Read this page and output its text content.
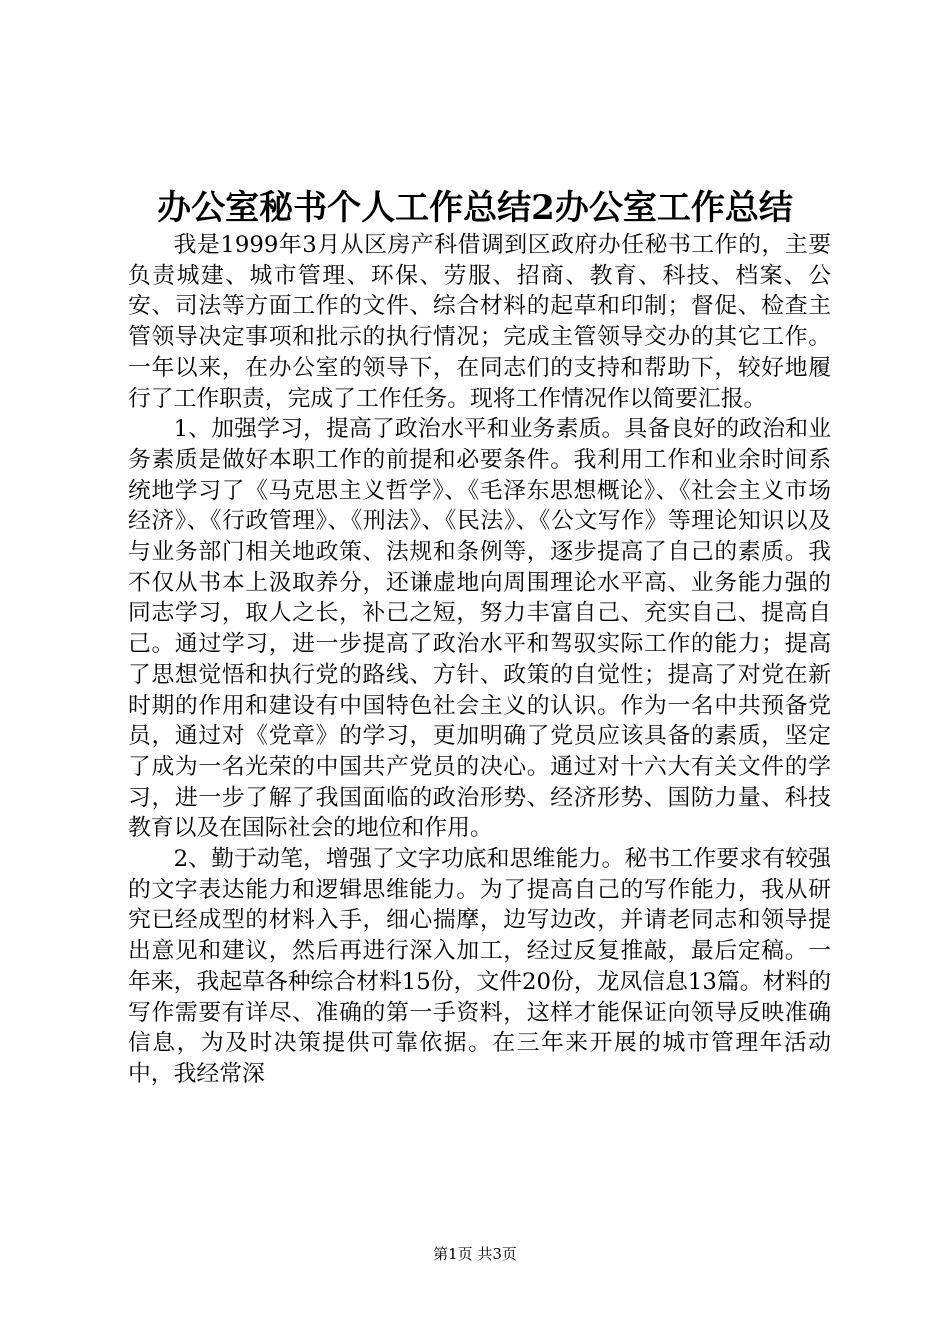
办公室秘书个人工作总结2办公室工作总结

我是1999年3月从区房产科借调到区政府办任秘书工作的，主要负责城建、城市管理、环保、劳服、招商、教育、科技、档案、公安、司法等方面工作的文件、综合材料的起草和印制；督促、检查主管领导决定事项和批示的执行情况；完成主管领导交办的其它工作。一年以来，在办公室的领导下，在同志们的支持和帮助下，较好地履行了工作职责，完成了工作任务。现将工作情况作以简要汇报。

1、加强学习，提高了政治水平和业务素质。具备良好的政治和业务素质是做好本职工作的前提和必要条件。我利用工作和业余时间系统地学习了《马克思主义哲学》、《毛泽东思想概论》、《社会主义市场经济》、《行政管理》、《刑法》、《民法》、《公文写作》等理论知识以及与业务部门相关地政策、法规和条例等，逐步提高了自己的素质。我不仅从书本上汲取养分，还谦虚地向周围理论水平高、业务能力强的同志学习，取人之长，补己之短，努力丰富自己、充实自己、提高自己。通过学习，进一步提高了政治水平和驾驭实际工作的能力；提高了思想觉悟和执行党的路线、方针、政策的自觉性；提高了对党在新时期的作用和建设有中国特色社会主义的认识。作为一名中共预备党员，通过对《党章》的学习，更加明确了党员应该具备的素质，坚定了成为一名光荣的中国共产党员的决心。通过对十六大有关文件的学习，进一步了解了我国面临的政治形势、经济形势、国防力量、科技教育以及在国际社会的地位和作用。

2、勤于动笔，增强了文字功底和思维能力。秘书工作要求有较强的文字表达能力和逻辑思维能力。为了提高自己的写作能力，我从研究已经成型的材料入手，细心揣摩，边写边改，并请老同志和领导提出意见和建议，然后再进行深入加工，经过反复推敲，最后定稿。一年来，我起草各种综合材料15份，文件20份，龙凤信息13篇。材料的写作需要有详尽、准确的第一手资料，这样才能保证向领导反映准确信息，为及时决策提供可靠依据。在三年来开展的城市管理年活动中，我经常深

第1页 共3页
